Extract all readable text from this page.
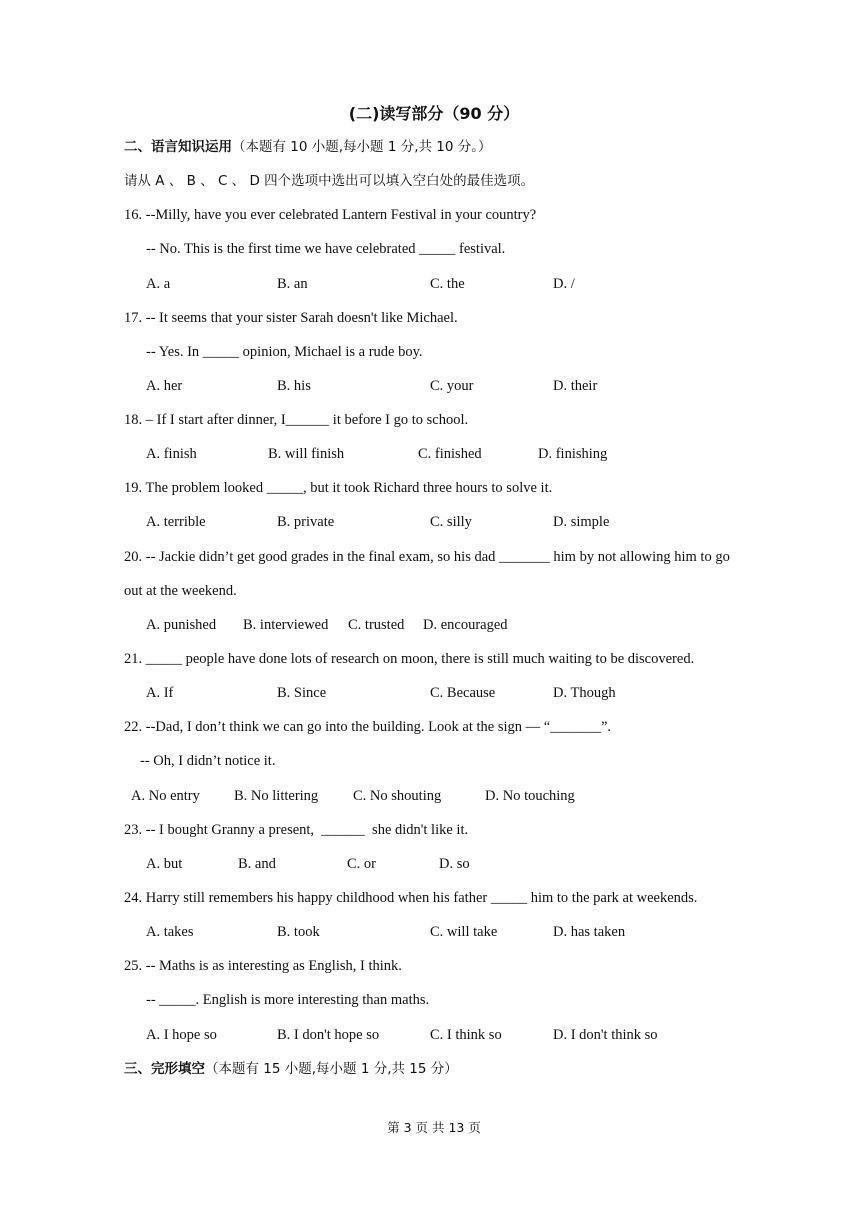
(二)读写部分（90 分）
二、语言知识运用（本题有 10 小题,每小题 1 分,共 10 分。）
请从 A 、 B 、 C 、 D 四个选项中选出可以填入空白处的最佳选项。
16. --Milly, have you ever celebrated Lantern Festival in your country?
-- No. This is the first time we have celebrated _____ festival.
A. a	B. an	C. the	D. /
17. -- It seems that your sister Sarah doesn't like Michael.
-- Yes. In _____ opinion, Michael is a rude boy.
A. her	B. his	C. your	D. their
18. – If I start after dinner, I______ it before I go to school.
A. finish	B. will finish	C. finished	D. finishing
19. The problem looked _____, but it took Richard three hours to solve it.
A. terrible	B. private	C. silly	D. simple
20. -- Jackie didn’t get good grades in the final exam, so his dad _______ him by not allowing him to go
out at the weekend.
A. punished B. interviewed C. trusted D. encouraged
21. _____ people have done lots of research on moon, there is still much waiting to be discovered.
A. If	B. Since	C. Because	D. Though
22. --Dad, I don’t think we can go into the building. Look at the sign — “_______”.
-- Oh, I didn’t notice it.
A. No entry B. No littering C. No shouting	D. No touching
23. -- I bought Granny a present,  ______  she didn't like it.
A. but	B. and	C. or	D. so
24. Harry still remembers his happy childhood when his father _____ him to the park at weekends.
A. takes	B. took	C. will take	D. has taken
25. -- Maths is as interesting as English, I think.
-- _____. English is more interesting than maths.
A. I hope so	B. I don't hope so	C. I think so	D. I don't think so
三、完形填空（本题有 15 小题,每小题 1 分,共 15 分）
第 3 页 共 13 页
